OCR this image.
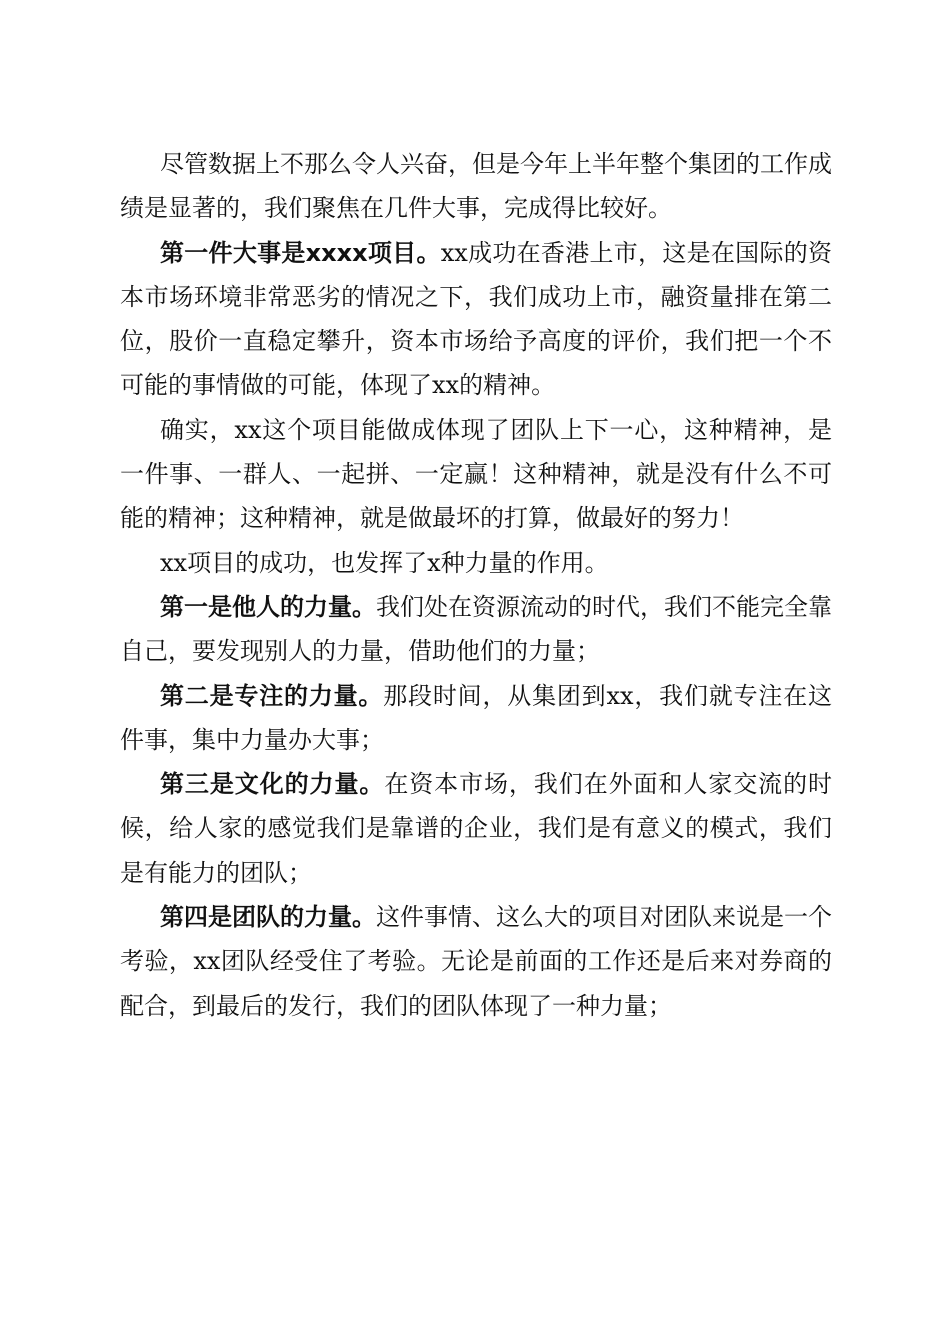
尽管数据上不那么令人兴奋，但是今年上半年整个集团的工作成绩是显著的，我们聚焦在几件大事，完成得比较好。

第一件大事是xxxx项目。xx成功在香港上市，这是在国际的资本市场环境非常恶劣的情况之下，我们成功上市，融资量排在第二位，股价一直稳定攀升，资本市场给予高度的评价，我们把一个不可能的事情做的可能，体现了xx的精神。

确实，xx这个项目能做成体现了团队上下一心，这种精神，是一件事、一群人、一起拼、一定赢！这种精神，就是没有什么不可能的精神；这种精神，就是做最坏的打算，做最好的努力！

xx项目的成功，也发挥了x种力量的作用。

第一是他人的力量。我们处在资源流动的时代，我们不能完全靠自己，要发现别人的力量，借助他们的力量；

第二是专注的力量。那段时间，从集团到xx，我们就专注在这件事，集中力量办大事；

第三是文化的力量。在资本市场，我们在外面和人家交流的时候，给人家的感觉我们是靠谱的企业，我们是有意义的模式，我们是有能力的团队；

第四是团队的力量。这件事情、这么大的项目对团队来说是一个考验，xx团队经受住了考验。无论是前面的工作还是后来对券商的配合，到最后的发行，我们的团队体现了一种力量；
